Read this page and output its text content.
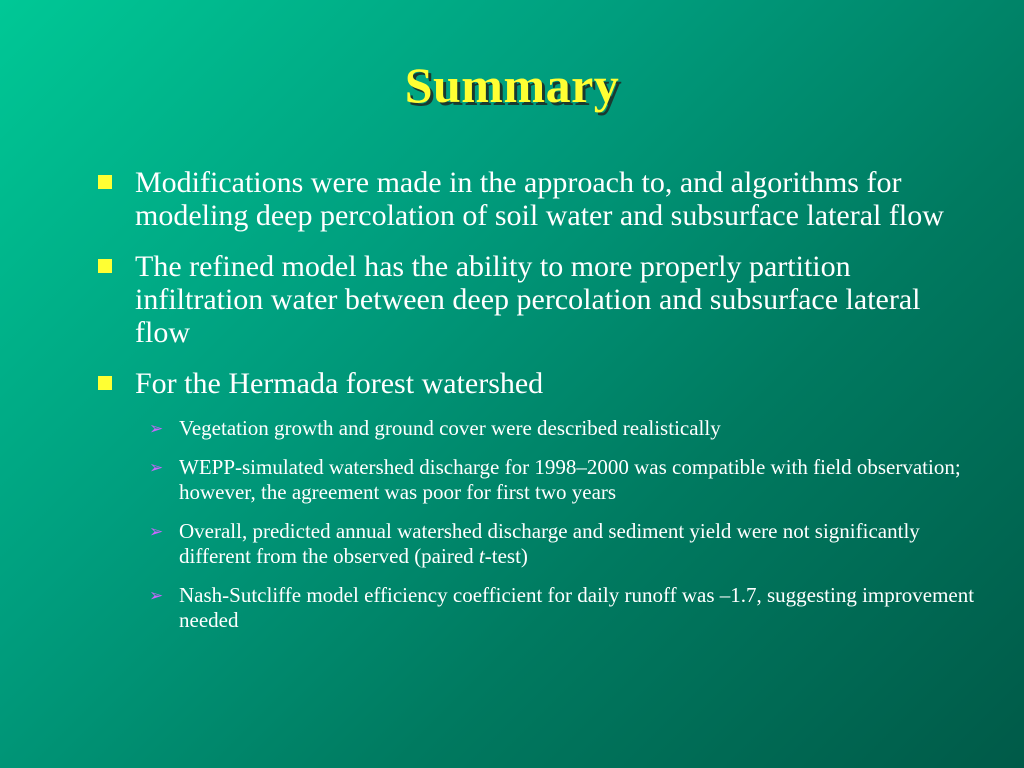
Summary
Modifications were made in the approach to, and algorithms for modeling deep percolation of soil water and subsurface lateral flow
The refined model has the ability to more properly partition infiltration water between deep percolation and subsurface lateral flow
For the Hermada forest watershed
➢ Vegetation growth and ground cover were described realistically
➢ WEPP-simulated watershed discharge for 1998–2000 was compatible with field observation; however, the agreement was poor for first two years
➢ Overall, predicted annual watershed discharge and sediment yield were not significantly different from the observed (paired t-test)
➢ Nash-Sutcliffe model efficiency coefficient for daily runoff was –1.7, suggesting improvement needed
